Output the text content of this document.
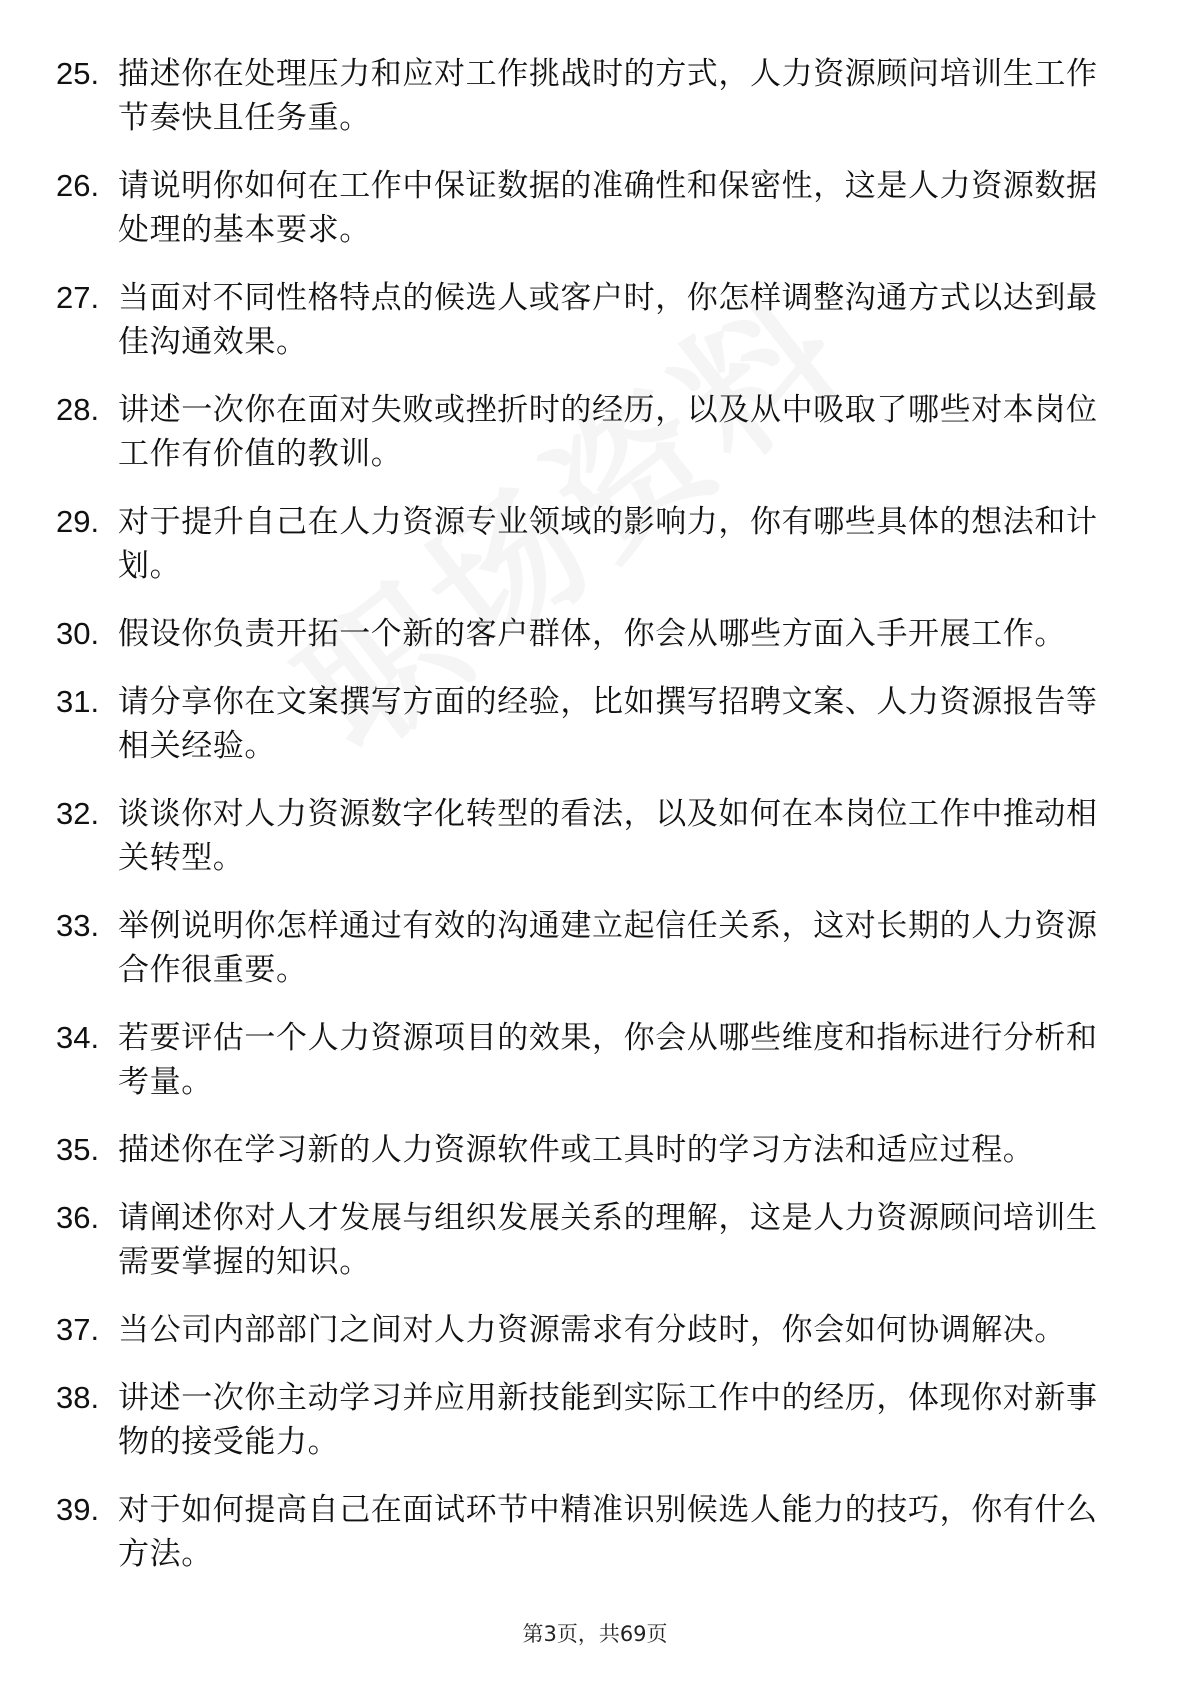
25. 描述你在处理压力和应对工作挑战时的方式，人力资源顾问培训生工作节奏快且任务重。
26. 请说明你如何在工作中保证数据的准确性和保密性，这是人力资源数据处理的基本要求。
27. 当面对不同性格特点的候选人或客户时，你怎样调整沟通方式以达到最佳沟通效果。
28. 讲述一次你在面对失败或挫折时的经历，以及从中吸取了哪些对本岗位工作有价值的教训。
29. 对于提升自己在人力资源专业领域的影响力，你有哪些具体的想法和计划。
30. 假设你负责开拓一个新的客户群体，你会从哪些方面入手开展工作。
31. 请分享你在文案撰写方面的经验，比如撰写招聘文案、人力资源报告等相关经验。
32. 谈谈你对人力资源数字化转型的看法，以及如何在本岗位工作中推动相关转型。
33. 举例说明你怎样通过有效的沟通建立起信任关系，这对长期的人力资源合作很重要。
34. 若要评估一个人力资源项目的效果，你会从哪些维度和指标进行分析和考量。
35. 描述你在学习新的人力资源软件或工具时的学习方法和适应过程。
36. 请阐述你对人才发展与组织发展关系的理解，这是人力资源顾问培训生需要掌握的知识。
37. 当公司内部部门之间对人力资源需求有分歧时，你会如何协调解决。
38. 讲述一次你主动学习并应用新技能到实际工作中的经历，体现你对新事物的接受能力。
39. 对于如何提高自己在面试环节中精准识别候选人能力的技巧，你有什么方法。
第3页，共69页
